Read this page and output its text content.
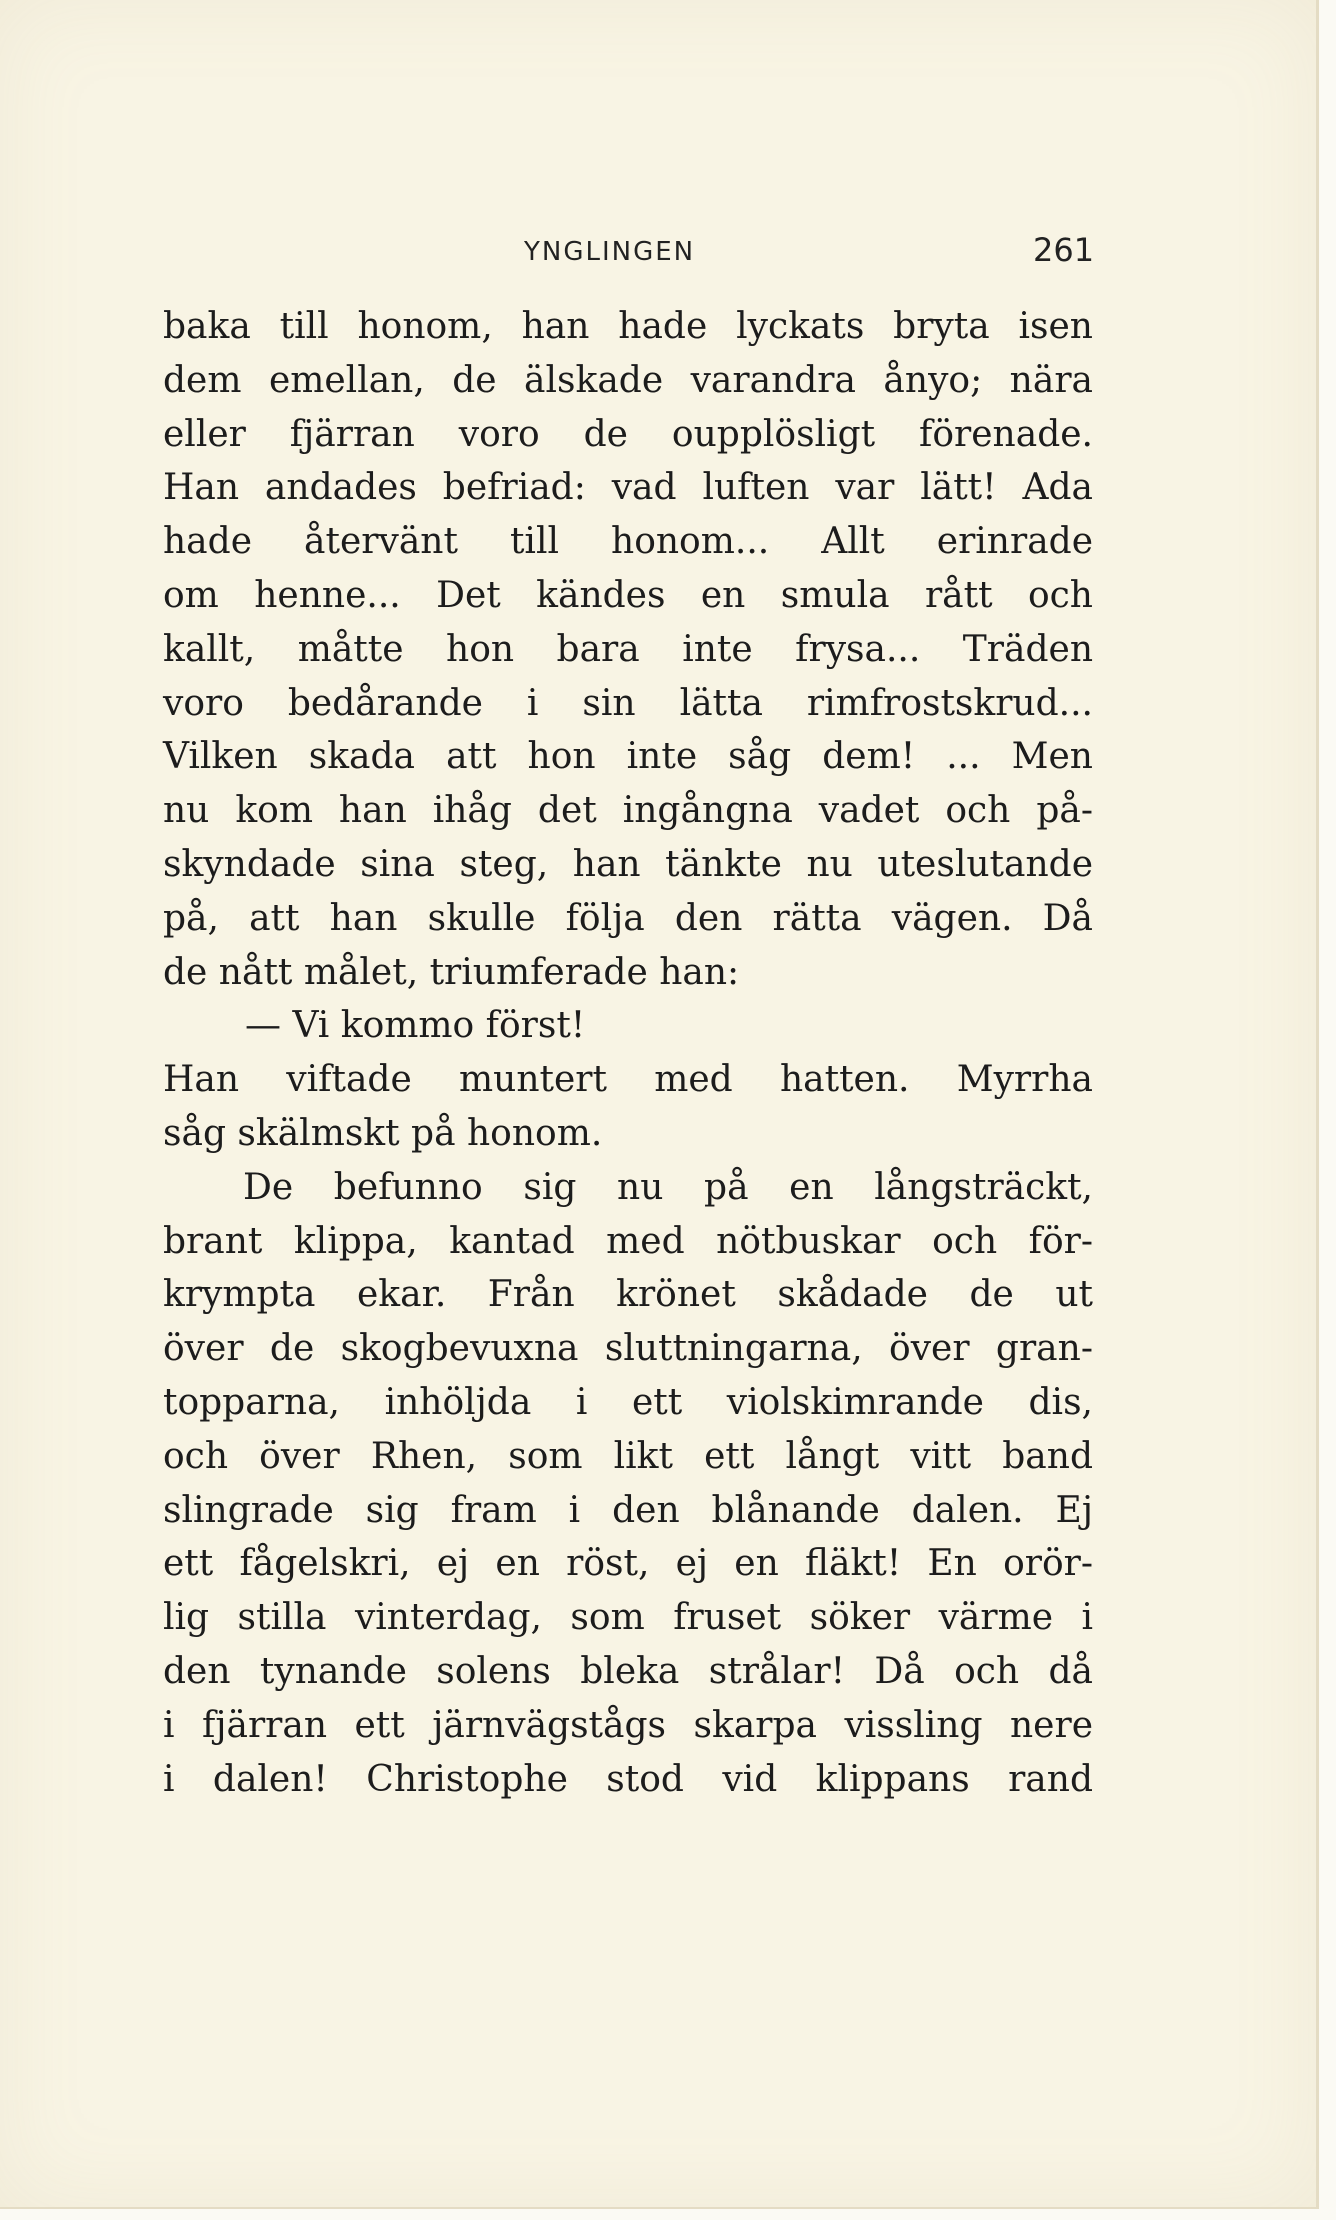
YNGLINGEN	261
baka till honom, han hade lyckats bryta isen
dem emellan, de älskade varandra ånyo; nära
eller fjärran voro de oupplösligt förenade.
Han andades befriad: vad luften var lätt! Ada
hade återvänt till honom... Allt erinrade
om henne... Det kändes en smula rått och
kallt, måtte hon bara inte frysa... Träden
voro bedårande i sin lätta rimfrostskrud...
Vilken skada att hon inte såg dem! ... Men
nu kom han ihåg det ingångna vadet och på-
skyndade sina steg, han tänkte nu uteslutande
på, att han skulle följa den rätta vägen. Då
de nått målet, triumferade han:
— Vi kommo först!
Han viftade muntert med hatten. Myrrha
såg skälmskt på honom.
De befunno sig nu på en långsträckt,
brant klippa, kantad med nötbuskar och för-
krympta ekar. Från krönet skådade de ut
över de skogbevuxna sluttningarna, över gran-
topparna, inhöljda i ett violskimrande dis,
och över Rhen, som likt ett långt vitt band
slingrade sig fram i den blånande dalen. Ej
ett fågelskri, ej en röst, ej en fläkt! En orör-
lig stilla vinterdag, som fruset söker värme i
den tynande solens bleka strålar! Då och då
i fjärran ett järnvägstågs skarpa vissling nere
i dalen! Christophe stod vid klippans rand
